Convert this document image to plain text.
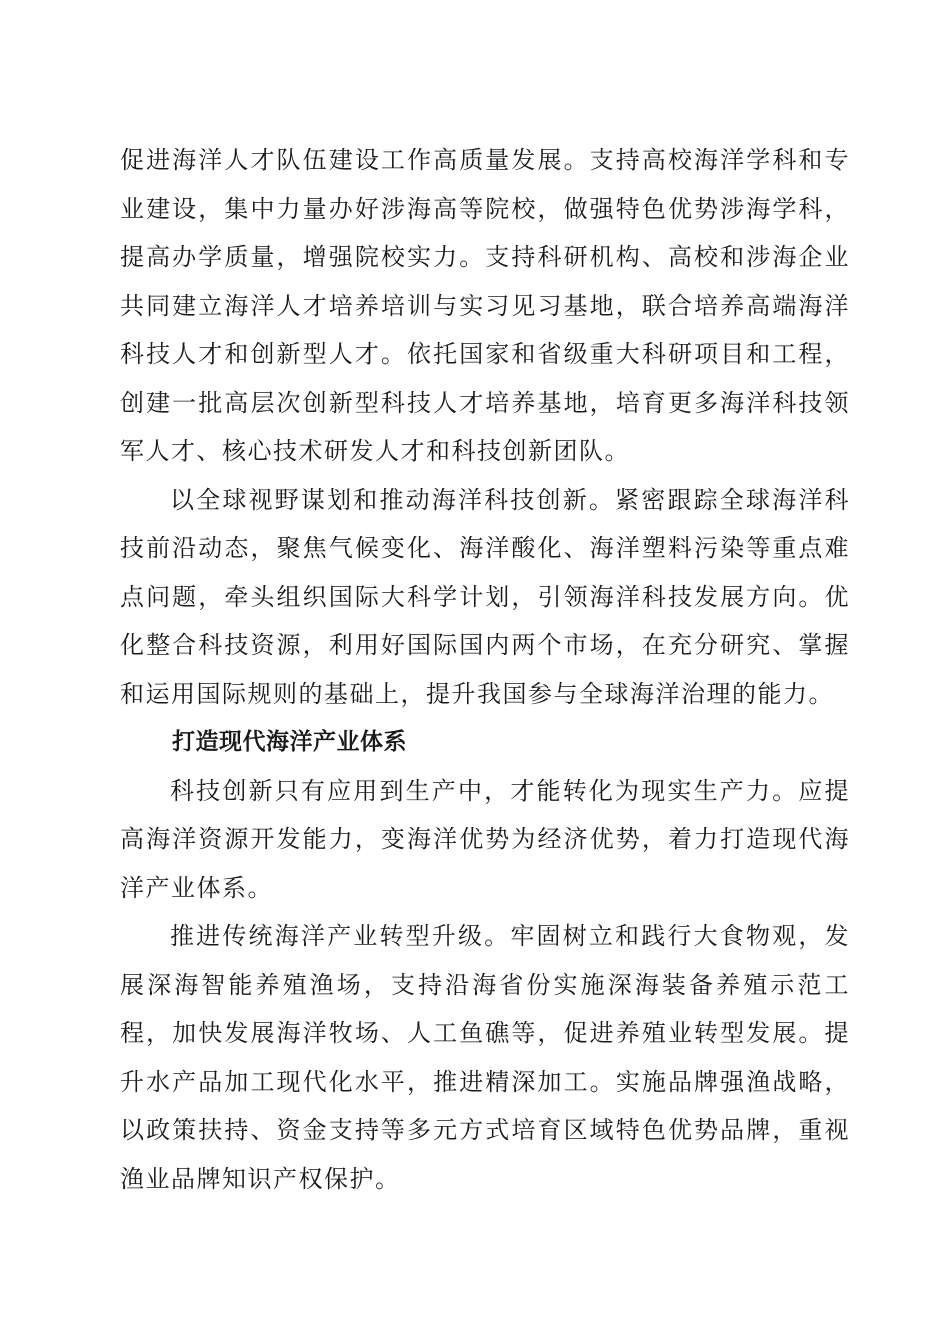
促进海洋人才队伍建设工作高质量发展。支持高校海洋学科和专业建设，集中力量办好涉海高等院校，做强特色优势涉海学科，提高办学质量，增强院校实力。支持科研机构、高校和涉海企业共同建立海洋人才培养培训与实习见习基地，联合培养高端海洋科技人才和创新型人才。依托国家和省级重大科研项目和工程，创建一批高层次创新型科技人才培养基地，培育更多海洋科技领军人才、核心技术研发人才和科技创新团队。

以全球视野谋划和推动海洋科技创新。紧密跟踪全球海洋科技前沿动态，聚焦气候变化、海洋酸化、海洋塑料污染等重点难点问题，牵头组织国际大科学计划，引领海洋科技发展方向。优化整合科技资源，利用好国际国内两个市场，在充分研究、掌握和运用国际规则的基础上，提升我国参与全球海洋治理的能力。

打造现代海洋产业体系

科技创新只有应用到生产中，才能转化为现实生产力。应提高海洋资源开发能力，变海洋优势为经济优势，着力打造现代海洋产业体系。

推进传统海洋产业转型升级。牢固树立和践行大食物观，发展深海智能养殖渔场，支持沿海省份实施深海装备养殖示范工程，加快发展海洋牧场、人工鱼礁等，促进养殖业转型发展。提升水产品加工现代化水平，推进精深加工。实施品牌强渔战略，以政策扶持、资金支持等多元方式培育区域特色优势品牌，重视渔业品牌知识产权保护。
